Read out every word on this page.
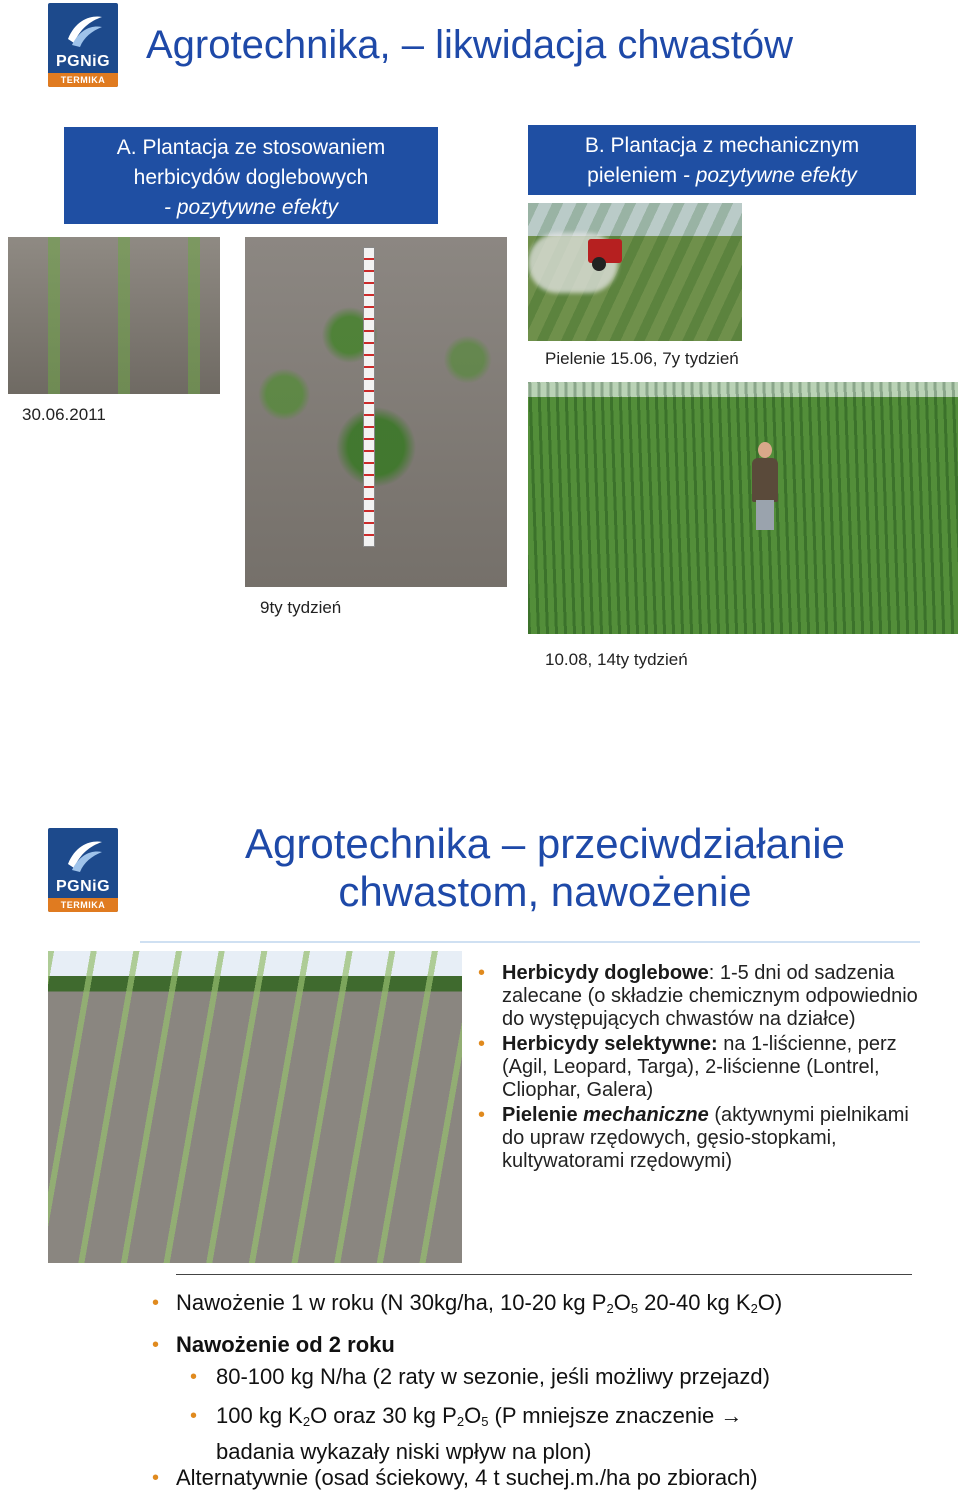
PGNiG
TERMIKA
Agrotechnika, – likwidacja chwastów
A. Plantacja ze stosowaniem
herbicydów doglebowych
- pozytywne efekty
B. Plantacja z mechanicznym
pieleniem - pozytywne efekty
Pielenie 15.06, 7y tydzień
30.06.2011
9ty tydzień
10.08, 14ty tydzień
PGNiG
TERMIKA
Agrotechnika – przeciwdziałanie
chwastom, nawożenie
• Herbicydy doglebowe: 1-5 dni od sadzenia zalecane (o składzie chemicznym odpowiednio do występujących chwastów na działce)
• Herbicydy selektywne: na 1-liścienne, perz (Agil, Leopard, Targa), 2-liścienne (Lontrel, Cliophar, Galera)
• Pielenie mechaniczne (aktywnymi pielnikami do upraw rzędowych, gęsio-stopkami, kultywatorami rzędowymi)
• Nawożenie 1 w roku (N 30kg/ha, 10-20 kg $P_2O_5$ 20-40 kg $K_2O$)
• Nawożenie od 2 roku
• 80-100 kg N/ha (2 raty w sezonie, jeśli możliwy przejazd)
• 100 kg $K_2O$ oraz 30 kg $P_2O_5$ (P mniejsze znaczenie →
badania wykazały niski wpływ na plon)
• Alternatywnie (osad ściekowy, 4 t suchej.m./ha po zbiorach)
